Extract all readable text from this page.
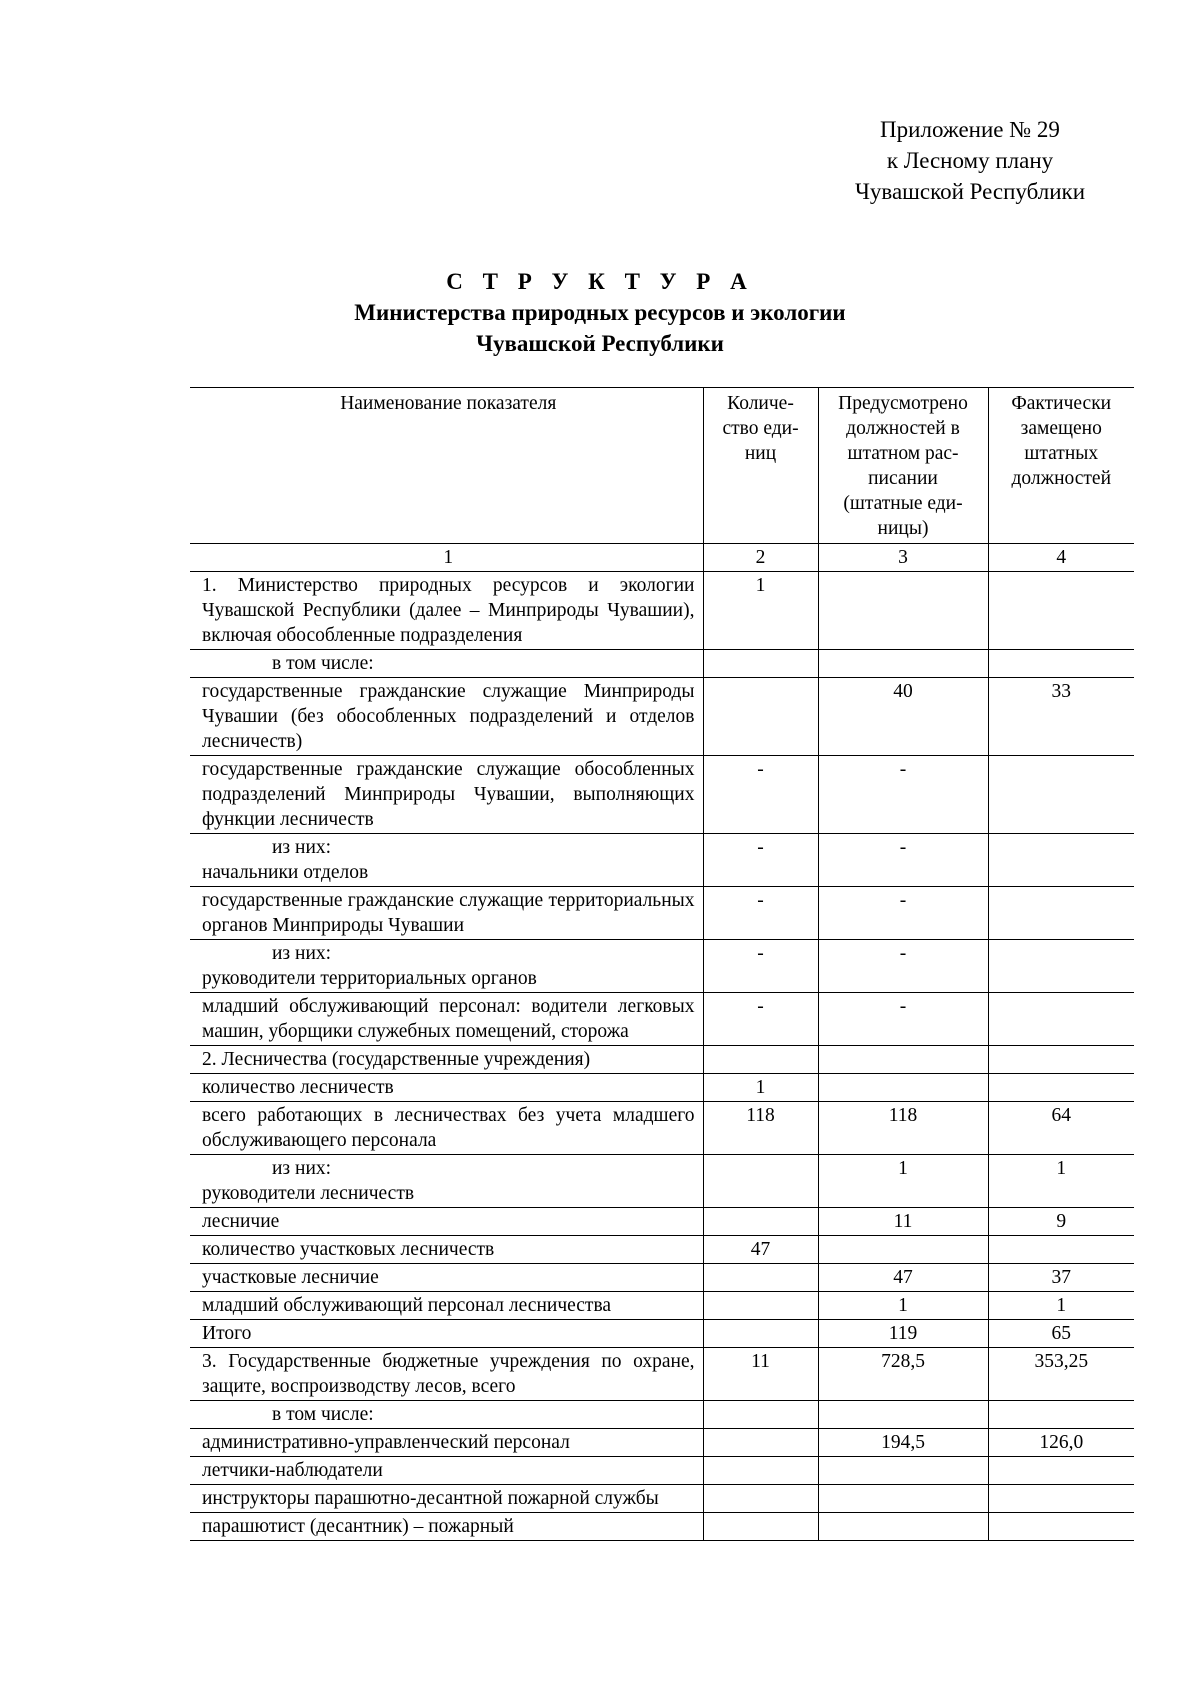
Приложение № 29
к Лесному плану
Чувашской Республики
С Т Р У К Т У Р А
Министерства природных ресурсов и экологии
Чувашской Республики
Наименование показателя	Количе-ство еди-ниц	Предусмотрено должностей в штатном рас-писании (штатные еди-ницы)	Фактически замещено штатных должностей
1	2	3	4
1. Министерство природных ресурсов и экологии Чувашской Республики (далее – Минприроды Чувашии), включая обособленные подразделения	1		

в том числе:			

государственные гражданские служащие Минприроды Чувашии (без обособленных подразделений и отделов лесничеств)		40	33
государственные гражданские служащие обособленных подразделений Минприроды Чувашии, выполняющих функции лесничеств	-	-	

из них:
начальники отделов	-	-	
государственные гражданские служащие территориальных органов Минприроды Чувашии	-	-	

из них:
руководители территориальных органов	-	-	
младший обслуживающий персонал: водители легковых машин, уборщики служебных помещений, сторожа	-	-	
2. Лесничества (государственные учреждения)			
количество лесничеств	1		
всего работающих в лесничествах без учета младшего обслуживающего персонала	118	118	64

из них:
руководители лесничеств		1	1
лесничие		11	9
количество участковых лесничеств	47		
участковые лесничие		47	37
младший обслуживающий персонал лесничества		1	1
Итого		119	65
3. Государственные бюджетные учреждения по охране, защите, воспроизводству лесов, всего	11	728,5	353,25

в том числе:			

административно-управленческий персонал		194,5	126,0
летчики-наблюдатели			
инструкторы парашютно-десантной пожарной службы			
парашютист (десантник) – пожарный			
